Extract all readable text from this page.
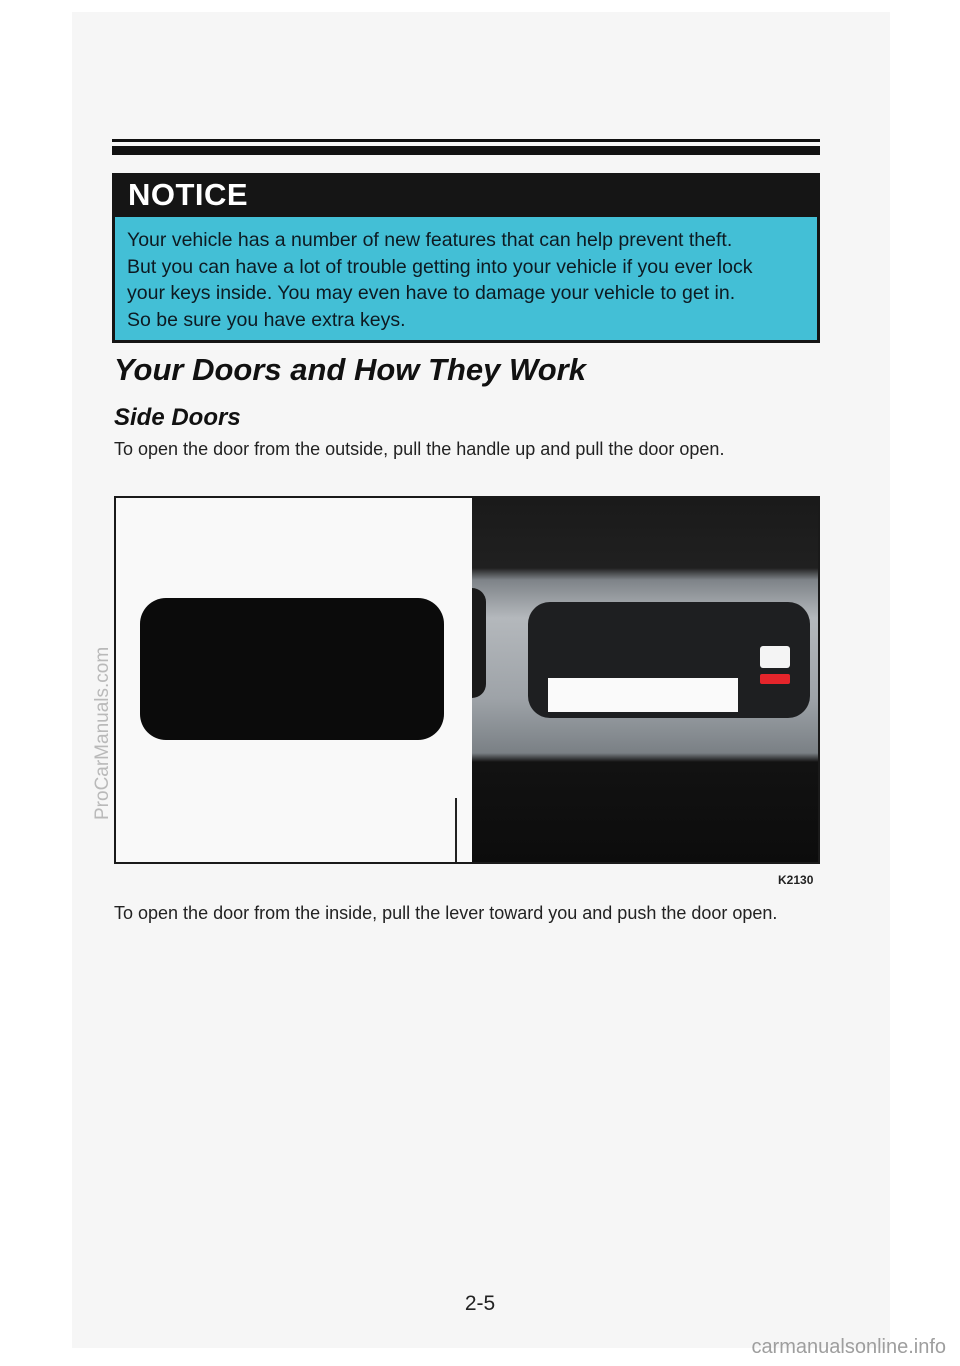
NOTICE
Your vehicle has a number of new features that can help prevent theft.
But you can have a lot of trouble getting into your vehicle if you ever lock
your keys inside. You may even have to damage your vehicle to get in.
So be sure you have extra keys.
Your Doors and How They Work
Side Doors

To open the door from the outside, pull the handle up and pull the door open.

K2130

To open the door from the inside, pull the lever toward you and push the door open.

2-5

ProCarManuals.com

carmanualsonline.info
